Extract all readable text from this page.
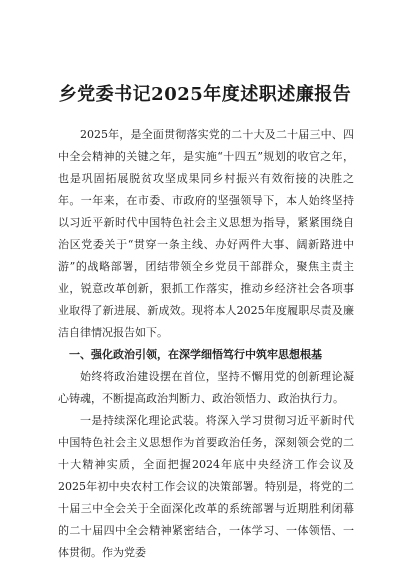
乡党委书记2025年度述职述廉报告

2025年，是全面贯彻落实党的二十大及二十届三中、四中全会精神的关键之年，是实施“十四五”规划的收官之年，也是巩固拓展脱贫攻坚成果同乡村振兴有效衔接的决胜之年。一年来，在市委、市政府的坚强领导下，本人始终坚持以习近平新时代中国特色社会主义思想为指导，紧紧围绕自治区党委关于“贯穿一条主线、办好两件大事、阔新路进中游”的战略部署，团结带领全乡党员干部群众，聚焦主责主业，锐意改革创新，狠抓工作落实，推动乡经济社会各项事业取得了新进展、新成效。现将本人2025年度履职尽责及廉洁自律情况报告如下。

一、强化政治引领，在深学细悟笃行中筑牢思想根基

始终将政治建设摆在首位，坚持不懈用党的创新理论凝心铸魂，不断提高政治判断力、政治领悟力、政治执行力。

一是持续深化理论武装。将深入学习贯彻习近平新时代中国特色社会主义思想作为首要政治任务，深刻领会党的二十大精神实质，全面把握2024年底中央经济工作会议及2025年初中央农村工作会议的决策部署。特别是，将党的二十届三中全会关于全面深化改革的系统部署与近期胜利闭幕的二十届四中全会精神紧密结合，一体学习、一体领悟、一体贯彻。作为党委
